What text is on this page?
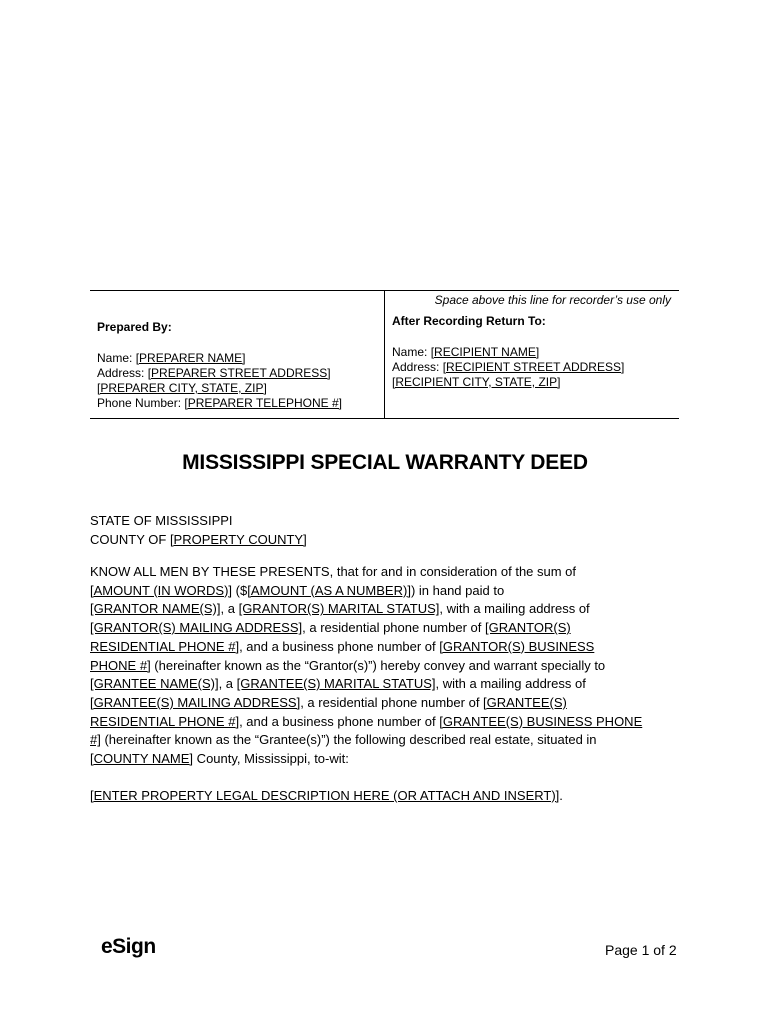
Space above this line for recorder’s use only
Prepared By:
Name: [PREPARER NAME]
Address: [PREPARER STREET ADDRESS]
[PREPARER CITY, STATE, ZIP]
Phone Number: [PREPARER TELEPHONE #]
After Recording Return To:
Name: [RECIPIENT NAME]
Address: [RECIPIENT STREET ADDRESS]
[RECIPIENT CITY, STATE, ZIP]
MISSISSIPPI SPECIAL WARRANTY DEED
STATE OF MISSISSIPPI
COUNTY OF [PROPERTY COUNTY]
KNOW ALL MEN BY THESE PRESENTS, that for and in consideration of the sum of
[AMOUNT (IN WORDS)] ($[AMOUNT (AS A NUMBER)]) in hand paid to
[GRANTOR NAME(S)], a [GRANTOR(S) MARITAL STATUS], with a mailing address of
[GRANTOR(S) MAILING ADDRESS], a residential phone number of [GRANTOR(S)
RESIDENTIAL PHONE #], and a business phone number of [GRANTOR(S) BUSINESS
PHONE #] (hereinafter known as the “Grantor(s)”) hereby convey and warrant specially to
[GRANTEE NAME(S)], a [GRANTEE(S) MARITAL STATUS], with a mailing address of
[GRANTEE(S) MAILING ADDRESS], a residential phone number of [GRANTEE(S)
RESIDENTIAL PHONE #], and a business phone number of [GRANTEE(S) BUSINESS PHONE
#] (hereinafter known as the “Grantee(s)”) the following described real estate, situated in
[COUNTY NAME] County, Mississippi, to-wit:
[ENTER PROPERTY LEGAL DESCRIPTION HERE (OR ATTACH AND INSERT)].
eSign	Page 1 of 2
